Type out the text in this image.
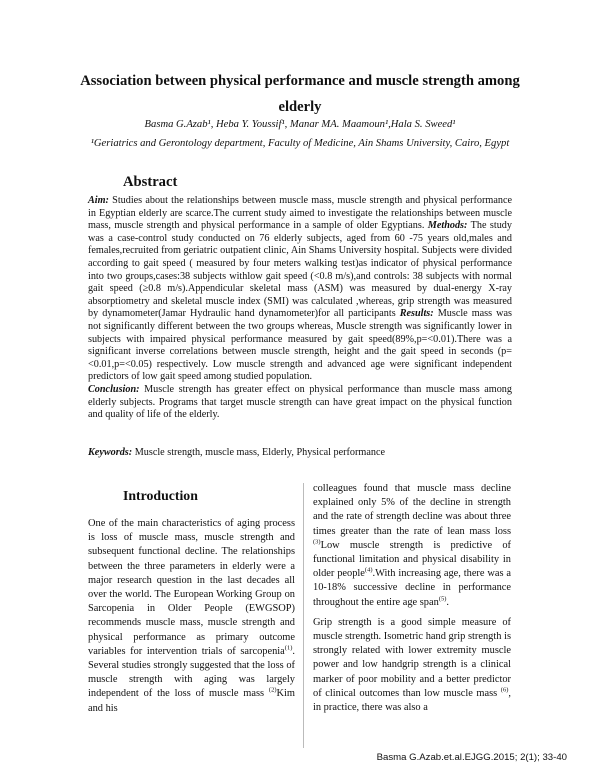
Association between physical performance and muscle strength among elderly
Basma G.Azab¹, Heba Y. Youssif¹, Manar MA. Maamoun¹,Hala S. Sweed¹
¹Geriatrics and Gerontology department, Faculty of Medicine, Ain Shams University, Cairo, Egypt
Abstract

Aim: Studies about the relationships between muscle mass, muscle strength and physical performance in Egyptian elderly are scarce.The current study aimed to investigate the relationships between muscle mass, muscle strength and physical performance in a sample of older Egyptians. Methods: The study was a case-control study conducted on 76 elderly subjects, aged from 60 -75 years old,males and females,recruited from geriatric outpatient clinic, Ain Shams University hospital. Subjects were divided according to gait speed ( measured by four meters walking test)as indicator of physical performance into two groups,cases:38 subjects withlow gait speed (<0.8 m/s),and controls: 38 subjects with normal gait speed (≥0.8 m/s).Appendicular skeletal mass (ASM) was measured by dual-energy X-ray absorptiometry and skeletal muscle index (SMI) was calculated ,whereas, grip strength was measured by dynamometer(Jamar Hydraulic hand dynamometer)for all participants Results: Muscle mass was not significantly different between the two groups whereas, Muscle strength was significantly lower in subjects with impaired physical performance measured by gait speed(89%,p=<0.01).There was a significant inverse correlations between muscle strength, height and the gait speed in seconds (p=<0.01,p=<0.05) respectively. Low muscle strength and advanced age were significant independent predictors of low gait speed among studied population.

Conclusion: Muscle strength has greater effect on physical performance than muscle mass among elderly subjects. Programs that target muscle strength can have great impact on the physical function and quality of life of the elderly.

Keywords: Muscle strength, muscle mass, Elderly, Physical performance
Introduction

One of the main characteristics of aging process is loss of muscle mass, muscle strength and subsequent functional decline. The relationships between the three parameters in elderly were a major research question in the last decades all over the world. The European Working Group on Sarcopenia in Older People (EWGSOP) recommends muscle mass, muscle strength and physical performance as primary outcome variables for intervention trials of sarcopenia$^{(1)}$. Several studies strongly suggested that the loss of muscle strength with aging was largely independent of the loss of muscle mass $^{(2)}$Kim and his

colleagues found that muscle mass decline explained only 5% of the decline in strength and the rate of strength decline was about three times greater than the rate of lean mass loss $^{(3)}$Low muscle strength is predictive of functional limitation and physical disability in older people$^{(4)}$.With increasing age, there was a 10-18% successive decline in performance throughout the entire age span$^{(5)}$.

Grip strength is a good simple measure of muscle strength. Isometric hand grip strength is strongly related with lower extremity muscle power and low handgrip strength is a clinical marker of poor mobility and a better predictor of clinical outcomes than low muscle mass $^{(6)}$, in practice, there was also a

Basma G.Azab.et.al.EJGG.2015; 2(1); 33-40
